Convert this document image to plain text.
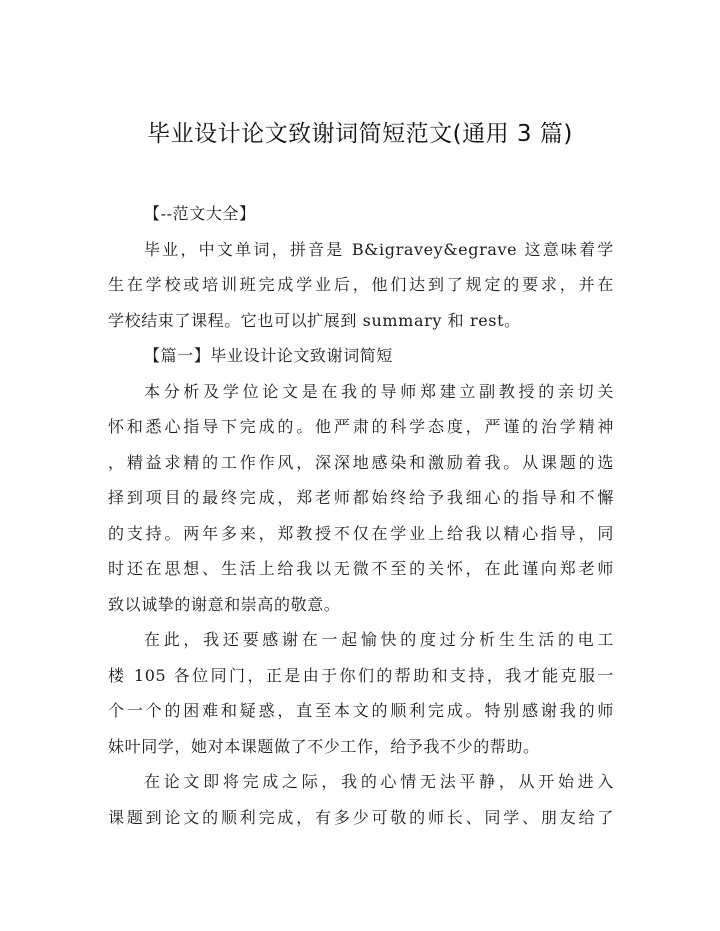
毕业设计论文致谢词简短范文(通用 3 篇)
【--范文大全】
毕业，中文单词，拼音是 B&igravey&egrave 这意味着学
生在学校或培训班完成学业后，他们达到了规定的要求，并在
学校结束了课程。它也可以扩展到 summary 和 rest。
【篇一】毕业设计论文致谢词简短
本分析及学位论文是在我的导师郑建立副教授的亲切关
怀和悉心指导下完成的。他严肃的科学态度，严谨的治学精神
，精益求精的工作作风，深深地感染和激励着我。从课题的选
择到项目的最终完成，郑老师都始终给予我细心的指导和不懈
的支持。两年多来，郑教授不仅在学业上给我以精心指导，同
时还在思想、生活上给我以无微不至的关怀，在此谨向郑老师
致以诚挚的谢意和崇高的敬意。
在此，我还要感谢在一起愉快的度过分析生生活的电工
楼 105 各位同门，正是由于你们的帮助和支持，我才能克服一
个一个的困难和疑惑，直至本文的顺利完成。特别感谢我的师
妹叶同学，她对本课题做了不少工作，给予我不少的帮助。
在论文即将完成之际，我的心情无法平静，从开始进入
课题到论文的顺利完成，有多少可敬的师长、同学、朋友给了
